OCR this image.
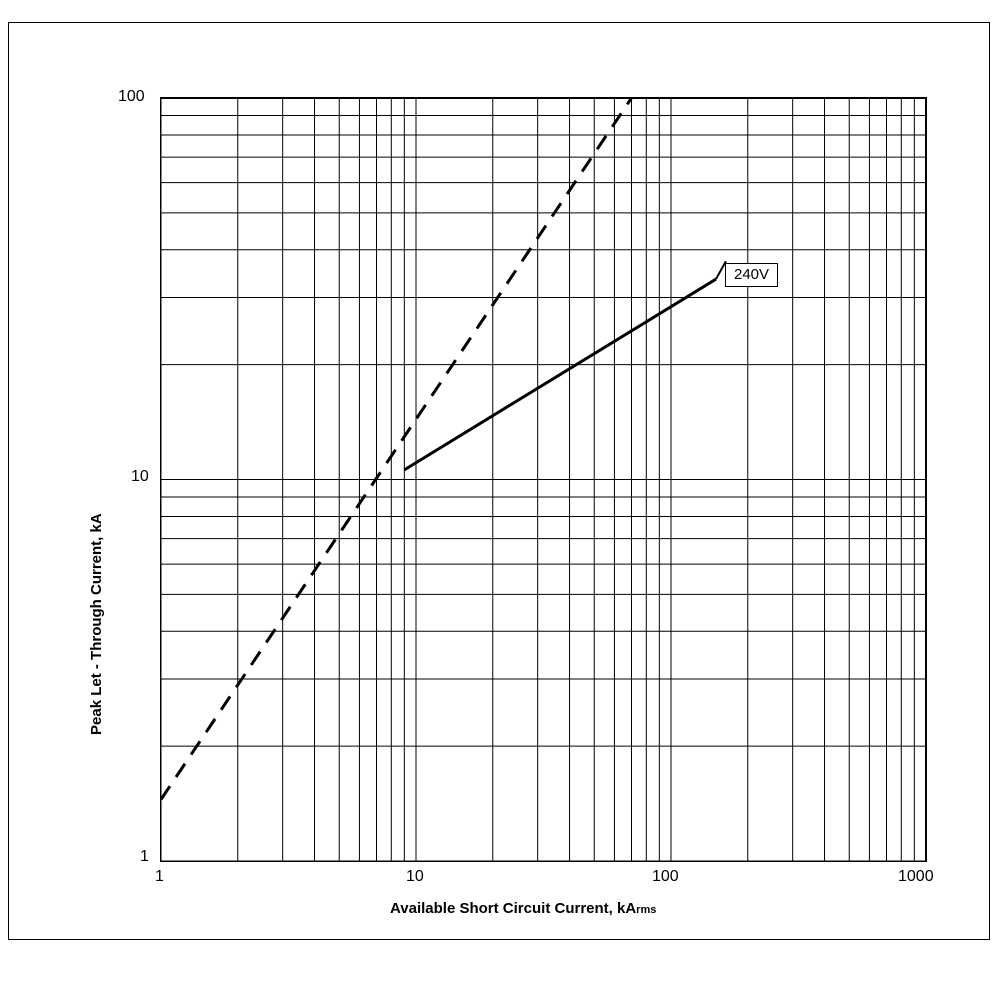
Peak Let - Through Current, kA
100
10
1
1	10	100	1000
Available Short Circuit Current, kArms
240V
